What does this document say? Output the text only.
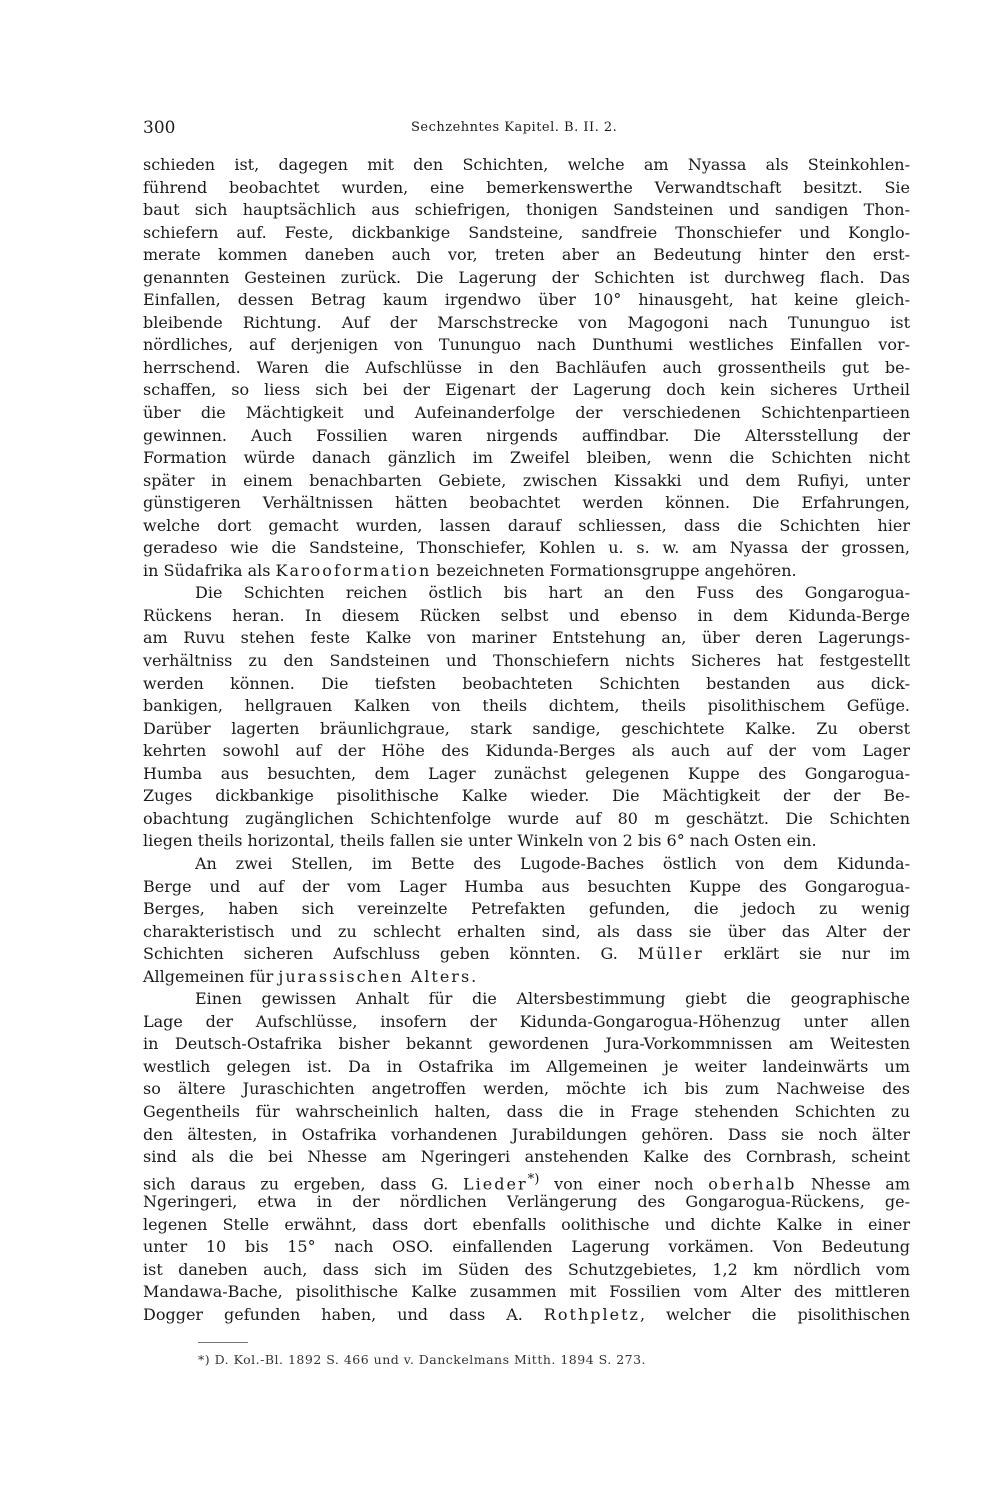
300	Sechzehntes Kapitel. B. II. 2.
schieden ist, dagegen mit den Schichten, welche am Nyassa als Steinkohlen-
führend beobachtet wurden, eine bemerkenswerthe Verwandtschaft besitzt. Sie
baut sich hauptsächlich aus schiefrigen, thonigen Sandsteinen und sandigen Thon-
schiefern auf. Feste, dickbankige Sandsteine, sandfreie Thonschiefer und Konglo-
merate kommen daneben auch vor, treten aber an Bedeutung hinter den erst-
genannten Gesteinen zurück. Die Lagerung der Schichten ist durchweg flach. Das
Einfallen, dessen Betrag kaum irgendwo über 10° hinausgeht, hat keine gleich-
bleibende Richtung. Auf der Marschstrecke von Magogoni nach Tununguo ist
nördliches, auf derjenigen von Tununguo nach Dunthumi westliches Einfallen vor-
herrschend. Waren die Aufschlüsse in den Bachläufen auch grossentheils gut be-
schaffen, so liess sich bei der Eigenart der Lagerung doch kein sicheres Urtheil
über die Mächtigkeit und Aufeinanderfolge der verschiedenen Schichtenpartieen
gewinnen. Auch Fossilien waren nirgends auffindbar. Die Altersstellung der
Formation würde danach gänzlich im Zweifel bleiben, wenn die Schichten nicht
später in einem benachbarten Gebiete, zwischen Kissakki und dem Rufiyi, unter
günstigeren Verhältnissen hätten beobachtet werden können. Die Erfahrungen,
welche dort gemacht wurden, lassen darauf schliessen, dass die Schichten hier
geradeso wie die Sandsteine, Thonschiefer, Kohlen u. s. w. am Nyassa der grossen,
in Südafrika als Karooformation bezeichneten Formationsgruppe angehören.
Die Schichten reichen östlich bis hart an den Fuss des Gongarogua-
Rückens heran. In diesem Rücken selbst und ebenso in dem Kidunda-Berge
am Ruvu stehen feste Kalke von mariner Entstehung an, über deren Lagerungs-
verhältniss zu den Sandsteinen und Thonschiefern nichts Sicheres hat festgestellt
werden können. Die tiefsten beobachteten Schichten bestanden aus dick-
bankigen, hellgrauen Kalken von theils dichtem, theils pisolithischem Gefüge.
Darüber lagerten bräunlichgraue, stark sandige, geschichtete Kalke. Zu oberst
kehrten sowohl auf der Höhe des Kidunda-Berges als auch auf der vom Lager
Humba aus besuchten, dem Lager zunächst gelegenen Kuppe des Gongarogua-
Zuges dickbankige pisolithische Kalke wieder. Die Mächtigkeit der der Be-
obachtung zugänglichen Schichtenfolge wurde auf 80 m geschätzt. Die Schichten
liegen theils horizontal, theils fallen sie unter Winkeln von 2 bis 6° nach Osten ein.
An zwei Stellen, im Bette des Lugode-Baches östlich von dem Kidunda-
Berge und auf der vom Lager Humba aus besuchten Kuppe des Gongarogua-
Berges, haben sich vereinzelte Petrefakten gefunden, die jedoch zu wenig
charakteristisch und zu schlecht erhalten sind, als dass sie über das Alter der
Schichten sicheren Aufschluss geben könnten. G. Müller erklärt sie nur im
Allgemeinen für jurassischen Alters.
Einen gewissen Anhalt für die Altersbestimmung giebt die geographische
Lage der Aufschlüsse, insofern der Kidunda-Gongarogua-Höhenzug unter allen
in Deutsch-Ostafrika bisher bekannt gewordenen Jura-Vorkommnissen am Weitesten
westlich gelegen ist. Da in Ostafrika im Allgemeinen je weiter landeinwärts um
so ältere Juraschichten angetroffen werden, möchte ich bis zum Nachweise des
Gegentheils für wahrscheinlich halten, dass die in Frage stehenden Schichten zu
den ältesten, in Ostafrika vorhandenen Jurabildungen gehören. Dass sie noch älter
sind als die bei Nhesse am Ngeringeri anstehenden Kalke des Cornbrash, scheint
sich daraus zu ergeben, dass G. Lieder*) von einer noch oberhalb Nhesse am
Ngeringeri, etwa in der nördlichen Verlängerung des Gongarogua-Rückens, ge-
legenen Stelle erwähnt, dass dort ebenfalls oolithische und dichte Kalke in einer
unter 10 bis 15° nach OSO. einfallenden Lagerung vorkämen. Von Bedeutung
ist daneben auch, dass sich im Süden des Schutzgebietes, 1,2 km nördlich vom
Mandawa-Bache, pisolithische Kalke zusammen mit Fossilien vom Alter des mittleren
Dogger gefunden haben, und dass A. Rothpletz, welcher die pisolithischen
*) D. Kol.-Bl. 1892 S. 466 und v. Danckelmans Mitth. 1894 S. 273.
